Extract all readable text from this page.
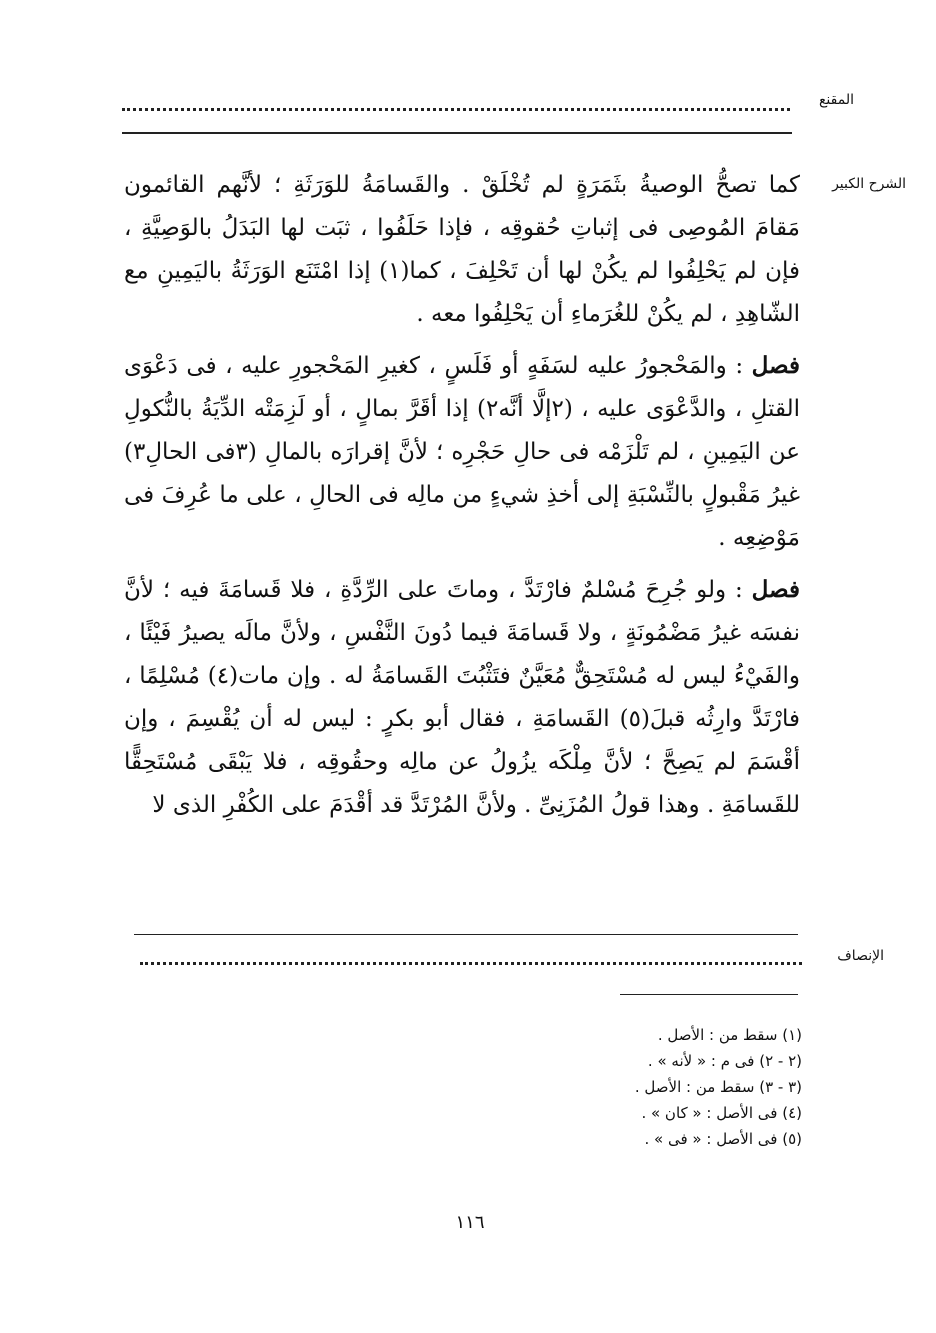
المقنع
الشرح الكبير

كما تصحُّ الوصيةُ بثَمَرَةٍ لم تُخْلَقْ . والقَسامَةُ للوَرَثَةِ ؛ لأنَّهم القائمون مَقامَ المُوصِى فى إثباتِ حُقوقِه ، فإذا حَلَفُوا ، ثبَت لها البَدَلُ بالوَصِيَّةِ ، فإن لم يَحْلِفُوا لم يكُنْ لها أن تَحْلِفَ ، كما(١) إذا امْتَنَع الوَرَثَةُ باليَمِينِ مع الشّاهِدِ ، لم يكُنْ للغُرَماءِ أن يَحْلِفُوا معه .

فصل : والمَحْجورُ عليه لسَفَهٍ أو فَلَسٍ ، كغيرِ المَحْجورِ عليه ، فى دَعْوَى القتلِ ، والدَّعْوَى عليه ، (٢إلَّا أنَّه٢) إذا أقَرَّ بمالٍ ، أو لَزِمَتْه الدِّيَةُ بالنُّكولِ عن اليَمِينِ ، لم تَلْزَمْه فى حالِ حَجْرِه ؛ لأنَّ إقرارَه بالمالِ (٣فى الحالِ٣) غيرُ مَقْبولٍ بالنِّسْبَةِ إلى أخذِ شيءٍ من مالِه فى الحالِ ، على ما عُرِفَ فى مَوْضِعِه .

فصل : ولو جُرِحَ مُسْلمٌ فارْتَدَّ ، وماتَ على الرِّدَّةِ ، فلا قَسامَةَ فيه ؛ لأنَّ نفسَه غيرُ مَضْمُونَةٍ ، ولا قَسامَةَ فيما دُونَ النَّفْسِ ، ولأنَّ مالَه يصيرُ فَيْئًا ، والفَيْءُ ليس له مُسْتَحِقٌّ مُعَيَّنٌ فتَثْبُتَ القَسامَةُ له . وإن مات(٤) مُسْلِمًا ، فارْتَدَّ وارِثُه قبلَ(٥) القَسامَةِ ، فقال أبو بكرٍ : ليس له أن يُقْسِمَ ، وإن أقْسَمَ لم يَصِحَّ ؛ لأنَّ مِلْكَه يزُولُ عن مالِه وحقُوقِه ، فلا يَبْقَى مُسْتَحِقًّا للقَسامَةِ . وهذا قولُ المُزَنِىِّ . ولأنَّ المُرْتَدَّ قد أقْدَمَ على الكُفْرِ الذى لا

الإنصاف
(١) سقط من : الأصل .
(٢ - ٢) فى م : « لأنه » .
(٣ - ٣) سقط من : الأصل .
(٤) فى الأصل : « كان » .
(٥) فى الأصل : « فى » .
١١٦
